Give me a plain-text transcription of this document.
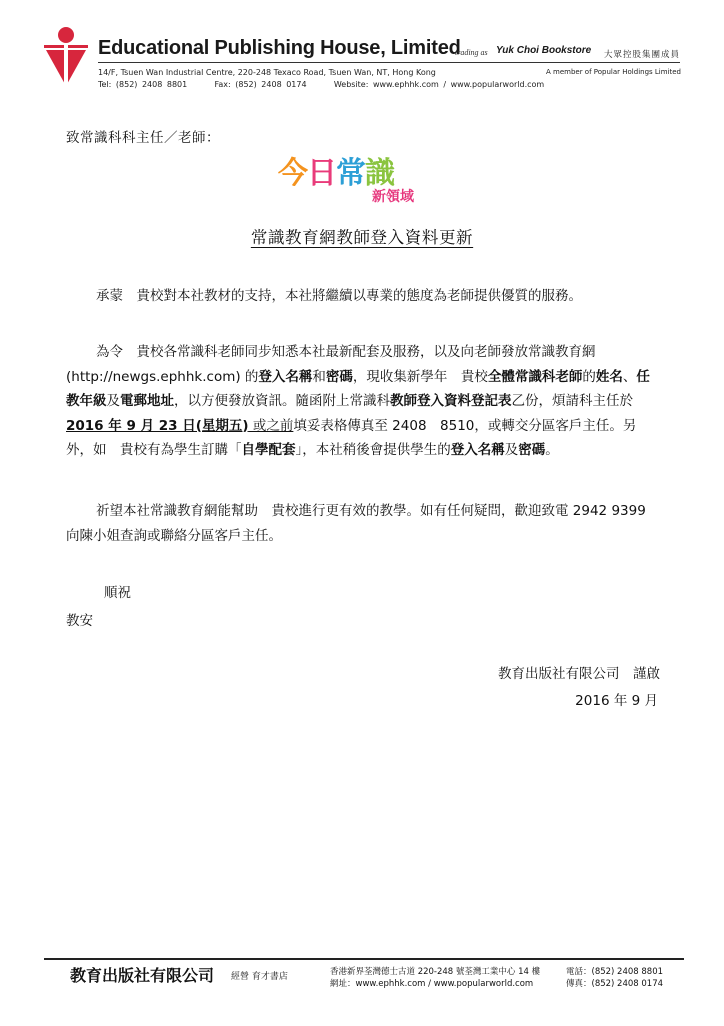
Educational Publishing House, Limited
trading as Yuk Choi Bookstore 大眾控股集團成員
14/F, Tsuen Wan Industrial Centre, 220-248 Texaco Road, Tsuen Wan, NT, Hong Kong	A member of Popular Holdings Limited
Tel: (852) 2408 8801	Fax: (852) 2408 0174	Website: www.ephhk.com / www.popularworld.com
致常識科科主任／老師：
今日常識
新領域
常識教育網教師登入資料更新

承蒙　貴校對本社教材的支持，本社將繼續以專業的態度為老師提供優質的服務。

為令　貴校各常識科老師同步知悉本社最新配套及服務，以及向老師發放常識教育網(http://newgs.ephhk.com) 的登入名稱和密碼，現收集新學年　貴校全體常識科老師的姓名、任教年級及電郵地址，以方便發放資訊。隨函附上常識科教師登入資料登記表乙份，煩請科主任於 2016 年 9 月 23 日(星期五) 或之前填妥表格傳真至 2408　8510，或轉交分區客戶主任。另外，如　貴校有為學生訂購「自學配套」，本社稍後會提供學生的登入名稱及密碼。

祈望本社常識教育網能幫助　貴校進行更有效的教學。如有任何疑問，歡迎致電 2942 9399 向陳小姐查詢或聯絡分區客戶主任。

順祝
教安
教育出版社有限公司　謹啟
2016 年 9 月
教育出版社有限公司 經營 育才書店	香港新界荃灣德士古道 220-248 號荃灣工業中心 14 樓
網址：www.ephhk.com / www.popularworld.com
電話：(852) 2408 8801
傳真：(852) 2408 0174
